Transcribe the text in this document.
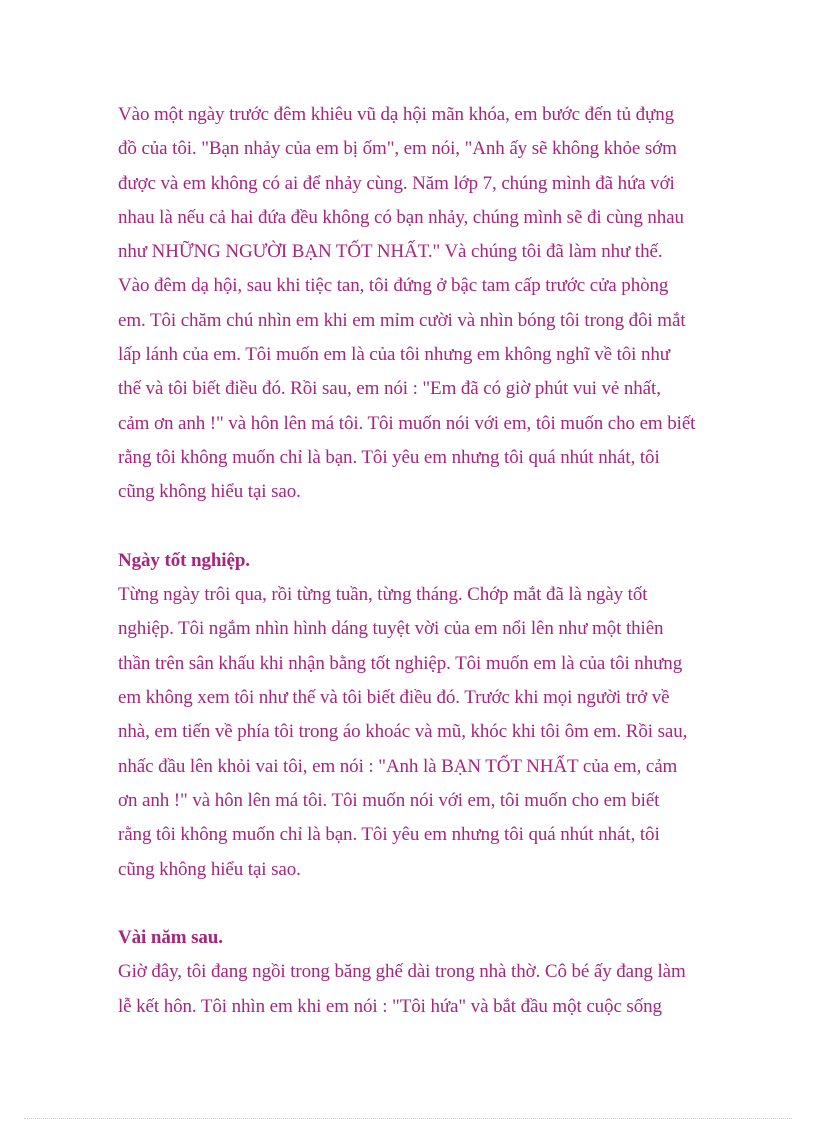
Vào một ngày trước đêm khiêu vũ dạ hội mãn khóa, em bước đến tủ đựng
đồ của tôi. "Bạn nhảy của em bị ốm", em nói, "Anh ấy sẽ không khỏe sớm
được và em không có ai để nhảy cùng. Năm lớp 7, chúng mình đã hứa với
nhau là nếu cả hai đứa đều không có bạn nhảy, chúng mình sẽ đi cùng nhau
như NHỮNG NGƯỜI BẠN TỐT NHẤT." Và chúng tôi đã làm như thế.
Vào đêm dạ hội, sau khi tiệc tan, tôi đứng ở bậc tam cấp trước cửa phòng
em. Tôi chăm chú nhìn em khi em mỉm cười và nhìn bóng tôi trong đôi mắt
lấp lánh của em. Tôi muốn em là của tôi nhưng em không nghĩ về tôi như
thế và tôi biết điều đó. Rồi sau, em nói : "Em đã có giờ phút vui vẻ nhất,
cảm ơn anh !" và hôn lên má tôi. Tôi muốn nói với em, tôi muốn cho em biết
rằng tôi không muốn chỉ là bạn. Tôi yêu em nhưng tôi quá nhút nhát, tôi
cũng không hiểu tại sao.
Ngày tốt nghiệp.
Từng ngày trôi qua, rồi từng tuần, từng tháng. Chớp mắt đã là ngày tốt
nghiệp. Tôi ngắm nhìn hình dáng tuyệt vời của em nổi lên như một thiên
thần trên sân khấu khi nhận bằng tốt nghiệp. Tôi muốn em là của tôi nhưng
em không xem tôi như thế và tôi biết điều đó. Trước khi mọi người trở về
nhà, em tiến về phía tôi trong áo khoác và mũ, khóc khi tôi ôm em. Rồi sau,
nhấc đầu lên khỏi vai tôi, em nói : "Anh là BẠN TỐT NHẤT của em, cảm
ơn anh !" và hôn lên má tôi. Tôi muốn nói với em, tôi muốn cho em biết
rằng tôi không muốn chỉ là bạn. Tôi yêu em nhưng tôi quá nhút nhát, tôi
cũng không hiểu tại sao.
Vài năm sau.
Giờ đây, tôi đang ngồi trong băng ghế dài trong nhà thờ. Cô bé ấy đang làm
lễ kết hôn. Tôi nhìn em khi em nói : "Tôi hứa" và bắt đầu một cuộc sống
